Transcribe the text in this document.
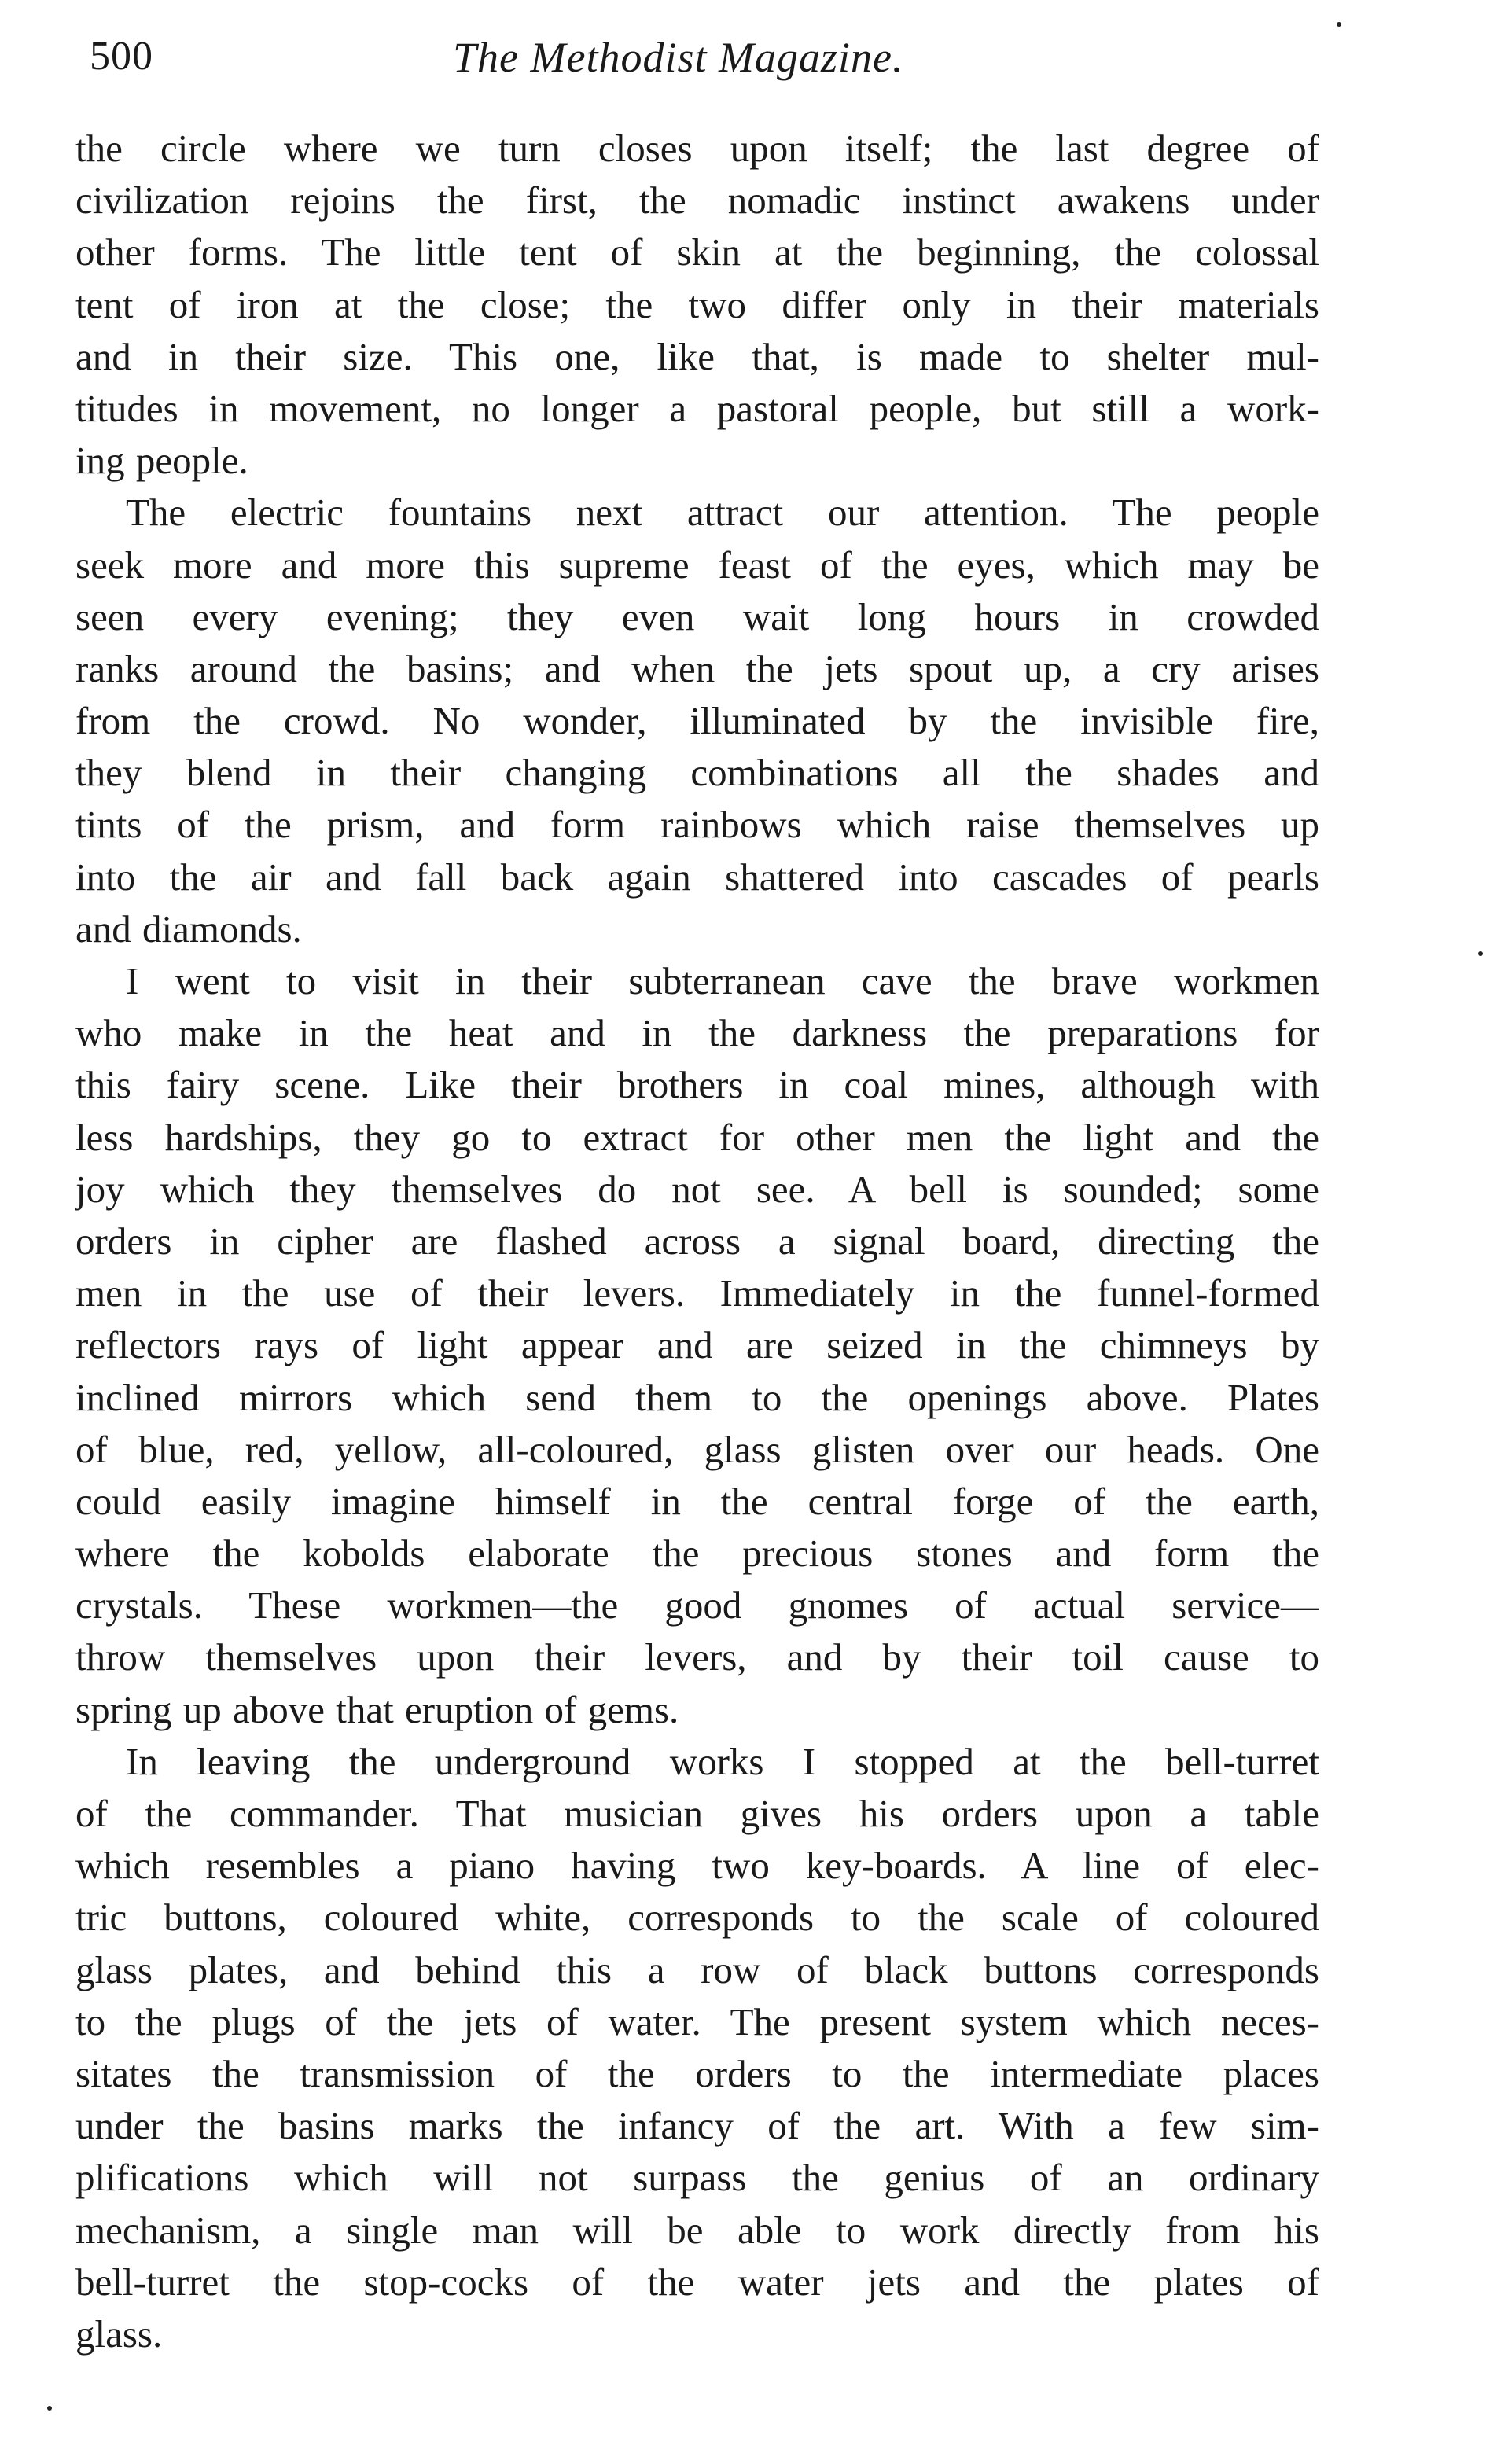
500	The Methodist Magazine.
the circle where we turn closes upon itself; the last degree of
civilization rejoins the first, the nomadic instinct awakens under
other forms. The little tent of skin at the beginning, the colossal
tent of iron at the close; the two differ only in their materials
and in their size. This one, like that, is made to shelter mul-
titudes in movement, no longer a pastoral people, but still a work-
ing people.
The electric fountains next attract our attention. The people
seek more and more this supreme feast of the eyes, which may be
seen every evening; they even wait long hours in crowded
ranks around the basins; and when the jets spout up, a cry arises
from the crowd. No wonder, illuminated by the invisible fire,
they blend in their changing combinations all the shades and
tints of the prism, and form rainbows which raise themselves up
into the air and fall back again shattered into cascades of pearls
and diamonds.
I went to visit in their subterranean cave the brave workmen
who make in the heat and in the darkness the preparations for
this fairy scene. Like their brothers in coal mines, although with
less hardships, they go to extract for other men the light and the
joy which they themselves do not see. A bell is sounded; some
orders in cipher are flashed across a signal board, directing the
men in the use of their levers. Immediately in the funnel-formed
reflectors rays of light appear and are seized in the chimneys by
inclined mirrors which send them to the openings above. Plates
of blue, red, yellow, all-coloured, glass glisten over our heads. One
could easily imagine himself in the central forge of the earth,
where the kobolds elaborate the precious stones and form the
crystals. These workmen—the good gnomes of actual service—
throw themselves upon their levers, and by their toil cause to
spring up above that eruption of gems.
In leaving the underground works I stopped at the bell-turret
of the commander. That musician gives his orders upon a table
which resembles a piano having two key-boards. A line of elec-
tric buttons, coloured white, corresponds to the scale of coloured
glass plates, and behind this a row of black buttons corresponds
to the plugs of the jets of water. The present system which neces-
sitates the transmission of the orders to the intermediate places
under the basins marks the infancy of the art. With a few sim-
plifications which will not surpass the genius of an ordinary
mechanism, a single man will be able to work directly from his
bell-turret the stop-cocks of the water jets and the plates of
glass.
